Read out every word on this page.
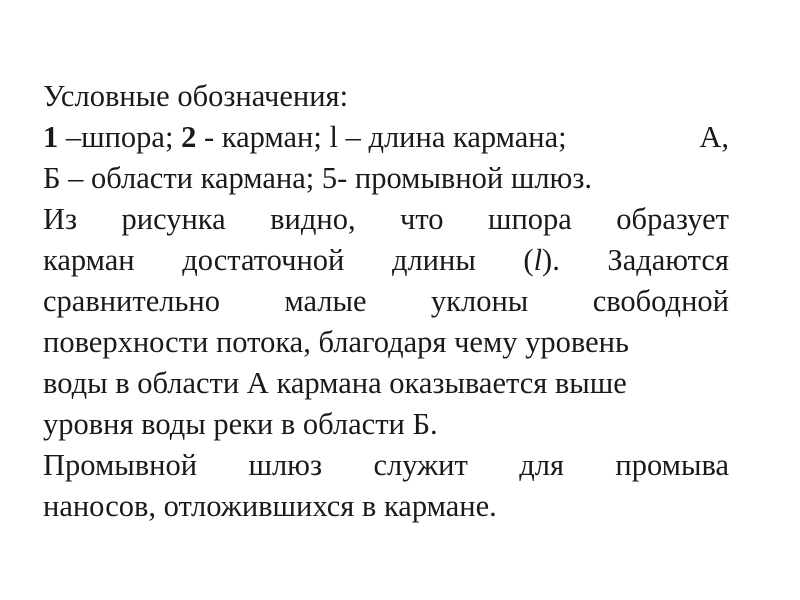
Условные обозначения:
1 –шпора; 2 - карман; l – длина кармана;	А,
Б – области кармана; 5- промывной шлюз.
Из рисунка видно, что шпора образует
карман достаточной длины (l). Задаются
сравнительно малые уклоны свободной
поверхности потока, благодаря чему уровень
воды в области А кармана оказывается выше
уровня воды реки в области Б.
Промывной шлюз служит для промыва
наносов, отложившихся в кармане.
